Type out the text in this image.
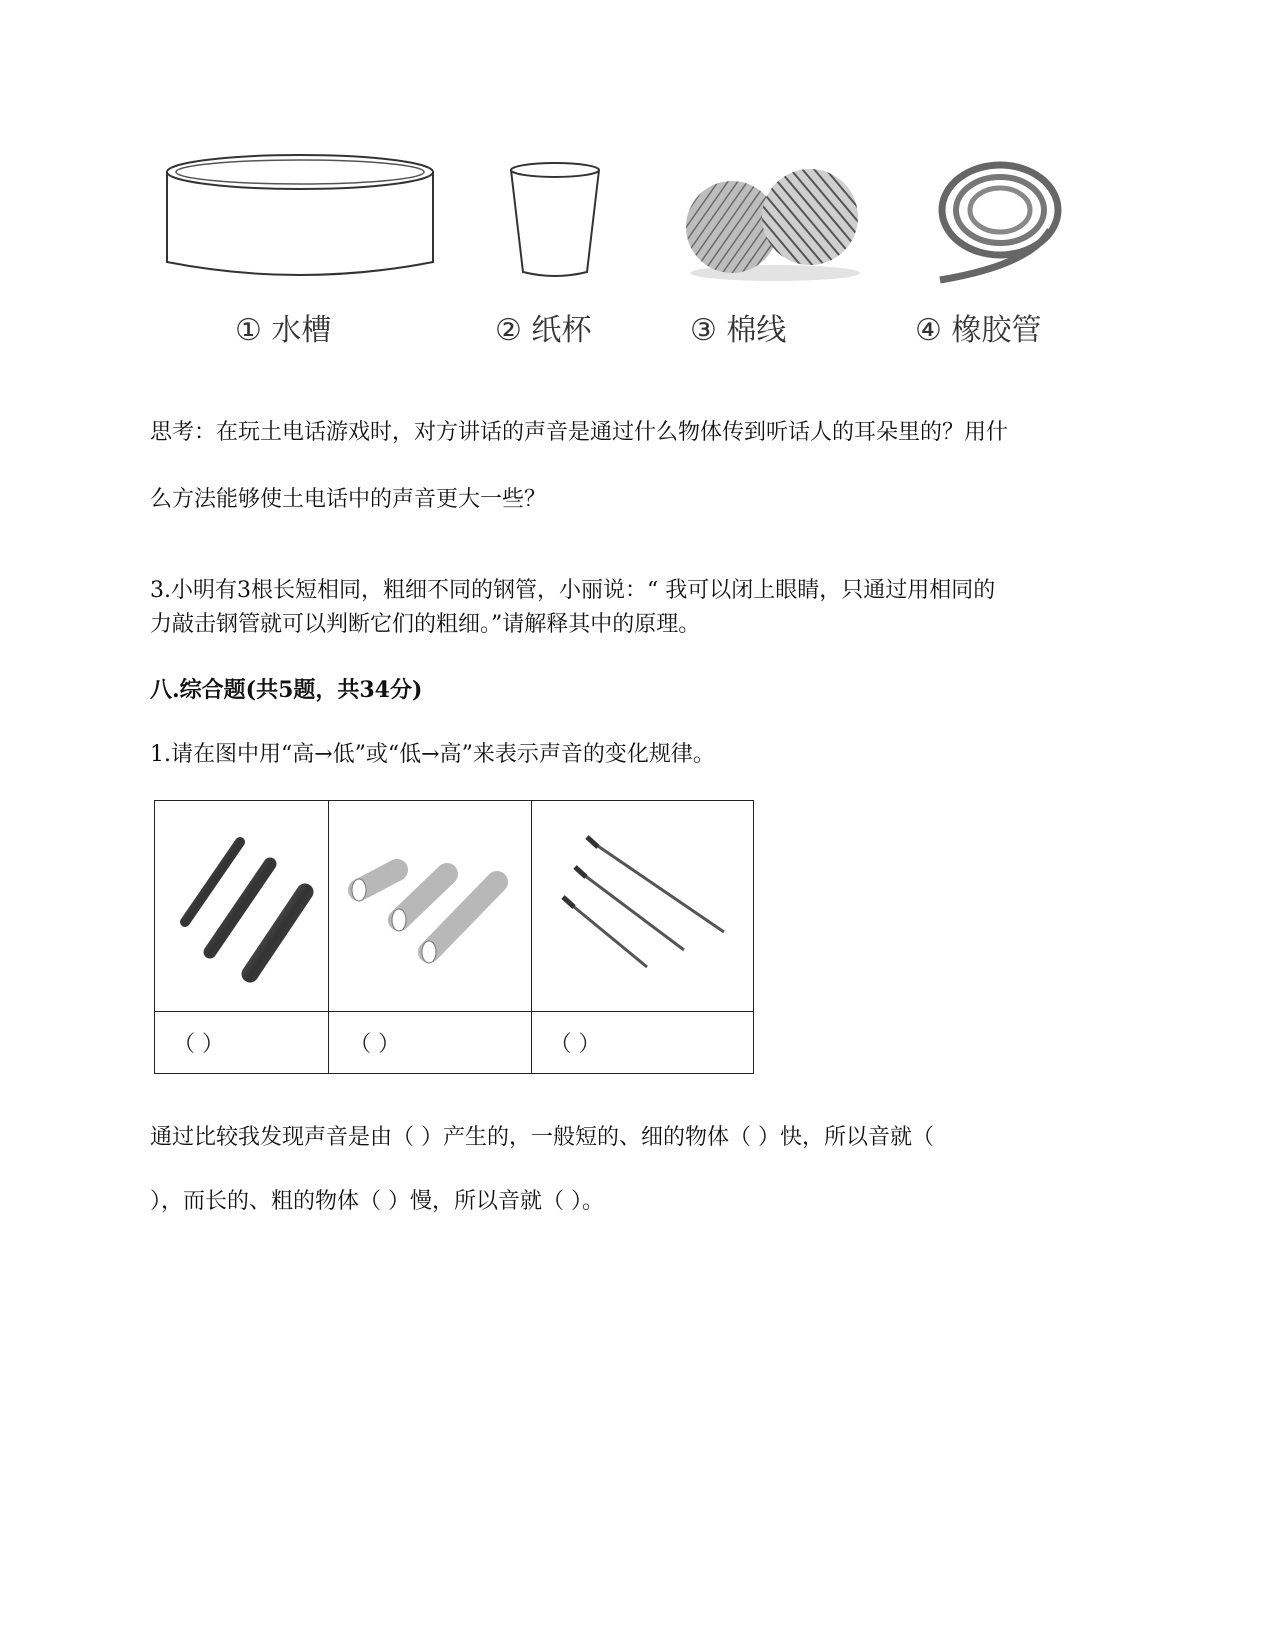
① 水槽	② 纸杯	③ 棉线	④ 橡胶管
思考：在玩土电话游戏时，对方讲话的声音是通过什么物体传到听话人的耳朵里的？用什
么方法能够使土电话中的声音更大一些？
3.小明有3根长短相同，粗细不同的钢管，小丽说：“ 我可以闭上眼睛，只通过用相同的
力敲击钢管就可以判断它们的粗细。”请解释其中的原理。
八.综合题(共5题，共34分)
1.请在图中用“高→低”或“低→高”来表示声音的变化规律。

（ ）	（ ）	（ ）
通过比较我发现声音是由（ ）产生的，一般短的、细的物体（ ）快，所以音就（
），而长的、粗的物体（ ）慢，所以音就（ ）。
